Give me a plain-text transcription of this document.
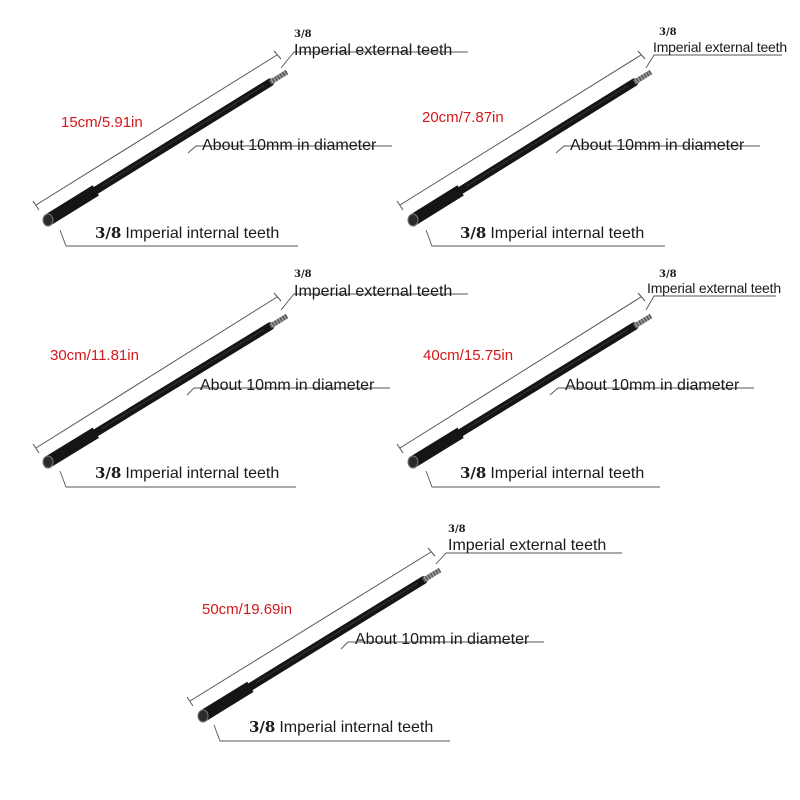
3/8
Imperial external teeth
15cm/5.91in
About 10mm in diameter
3/8 Imperial internal teeth
3/8
Imperial external teeth
20cm/7.87in
About 10mm in diameter
3/8 Imperial internal teeth
3/8
Imperial external teeth
30cm/11.81in
About 10mm in diameter
3/8 Imperial internal teeth
3/8
Imperial external teeth
40cm/15.75in
About 10mm in diameter
3/8 Imperial internal teeth
3/8
Imperial external teeth
50cm/19.69in
About 10mm in diameter
3/8 Imperial internal teeth
